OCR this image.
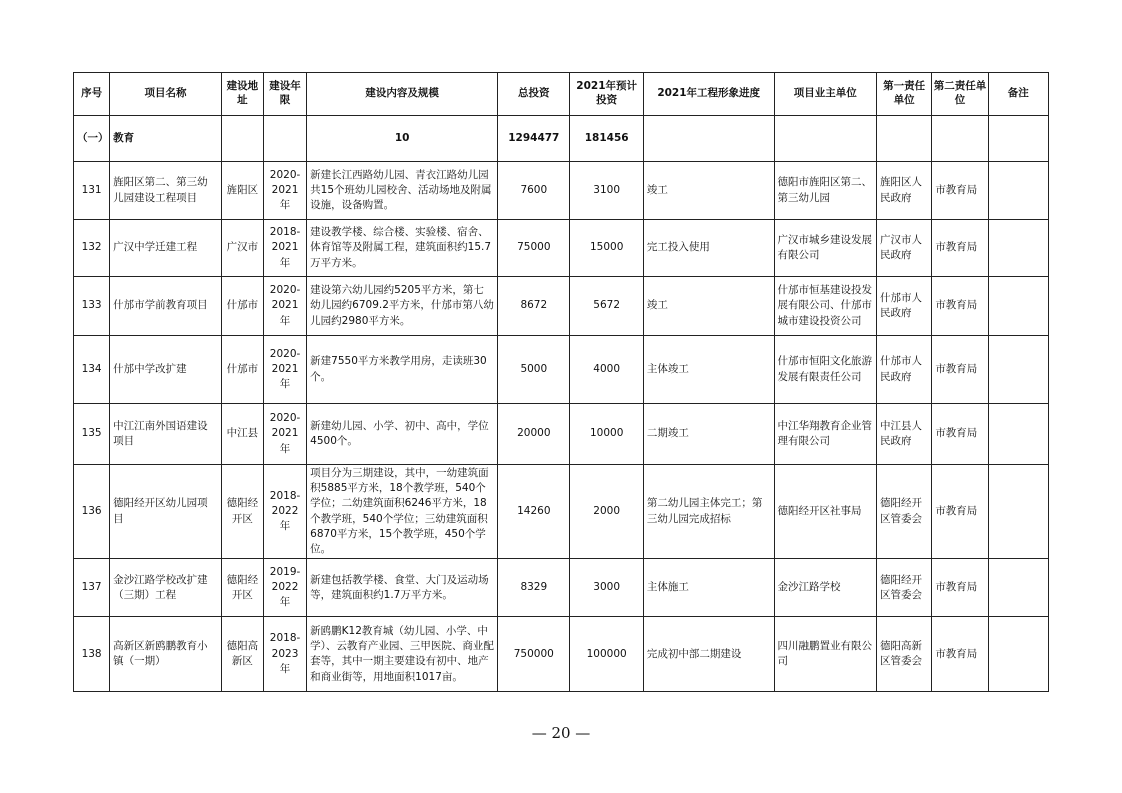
序号	项目名称	建设地址	建设年限	建设内容及规模	总投资	2021年预计投资	2021年工程形象进度	项目业主单位	第一责任单位	第二责任单位	备注
（一）	教育			10	1294477	181456					
131	旌阳区第二、第三幼儿园建设工程项目	旌阳区	2020-2021年	新建长江西路幼儿园、青衣江路幼儿园共15个班幼儿园校舍、活动场地及附属设施，设备购置。	7600	3100	竣工	德阳市旌阳区第二、第三幼儿园	旌阳区人民政府	市教育局	
132	广汉中学迁建工程	广汉市	2018-2021年	建设教学楼、综合楼、实验楼、宿舍、体育馆等及附属工程，建筑面积约15.7万平方米。	75000	15000	完工投入使用	广汉市城乡建设发展有限公司	广汉市人民政府	市教育局	
133	什邡市学前教育项目	什邡市	2020-2021年	建设第六幼儿园约5205平方米，第七幼儿园约6709.2平方米，什邡市第八幼儿园约2980平方米。	8672	5672	竣工	什邡市恒基建设投发展有限公司、什邡市城市建设投资公司	什邡市人民政府	市教育局	
134	什邡中学改扩建	什邡市	2020-2021年	新建7550平方米教学用房，走读班30个。	5000	4000	主体竣工	什邡市恒阳文化旅游发展有限责任公司	什邡市人民政府	市教育局	
135	中江江南外国语建设项目	中江县	2020-2021年	新建幼儿园、小学、初中、高中，学位4500个。	20000	10000	二期竣工	中江华翔教育企业管理有限公司	中江县人民政府	市教育局	
136	德阳经开区幼儿园项目	德阳经开区	2018-2022年	项目分为三期建设，其中，一幼建筑面积5885平方米，18个教学班，540个学位；二幼建筑面积6246平方米，18个教学班，540个学位；三幼建筑面积6870平方米，15个教学班，450个学位。	14260	2000	第二幼儿园主体完工；第三幼儿园完成招标	德阳经开区社事局	德阳经开区管委会	市教育局	
137	金沙江路学校改扩建（三期）工程	德阳经开区	2019-2022年	新建包括教学楼、食堂、大门及运动场等，建筑面积约1.7万平方米。	8329	3000	主体施工	金沙江路学校	德阳经开区管委会	市教育局	
138	高新区新鸥鹏教育小镇（一期）	德阳高新区	2018-2023年	新鸥鹏K12教育城（幼儿园、小学、中学）、云教育产业园、三甲医院、商业配套等，其中一期主要建设有初中、地产和商业街等，用地面积1017亩。	750000	100000	完成初中部二期建设	四川融鹏置业有限公司	德阳高新区管委会	市教育局	
— 20 —
